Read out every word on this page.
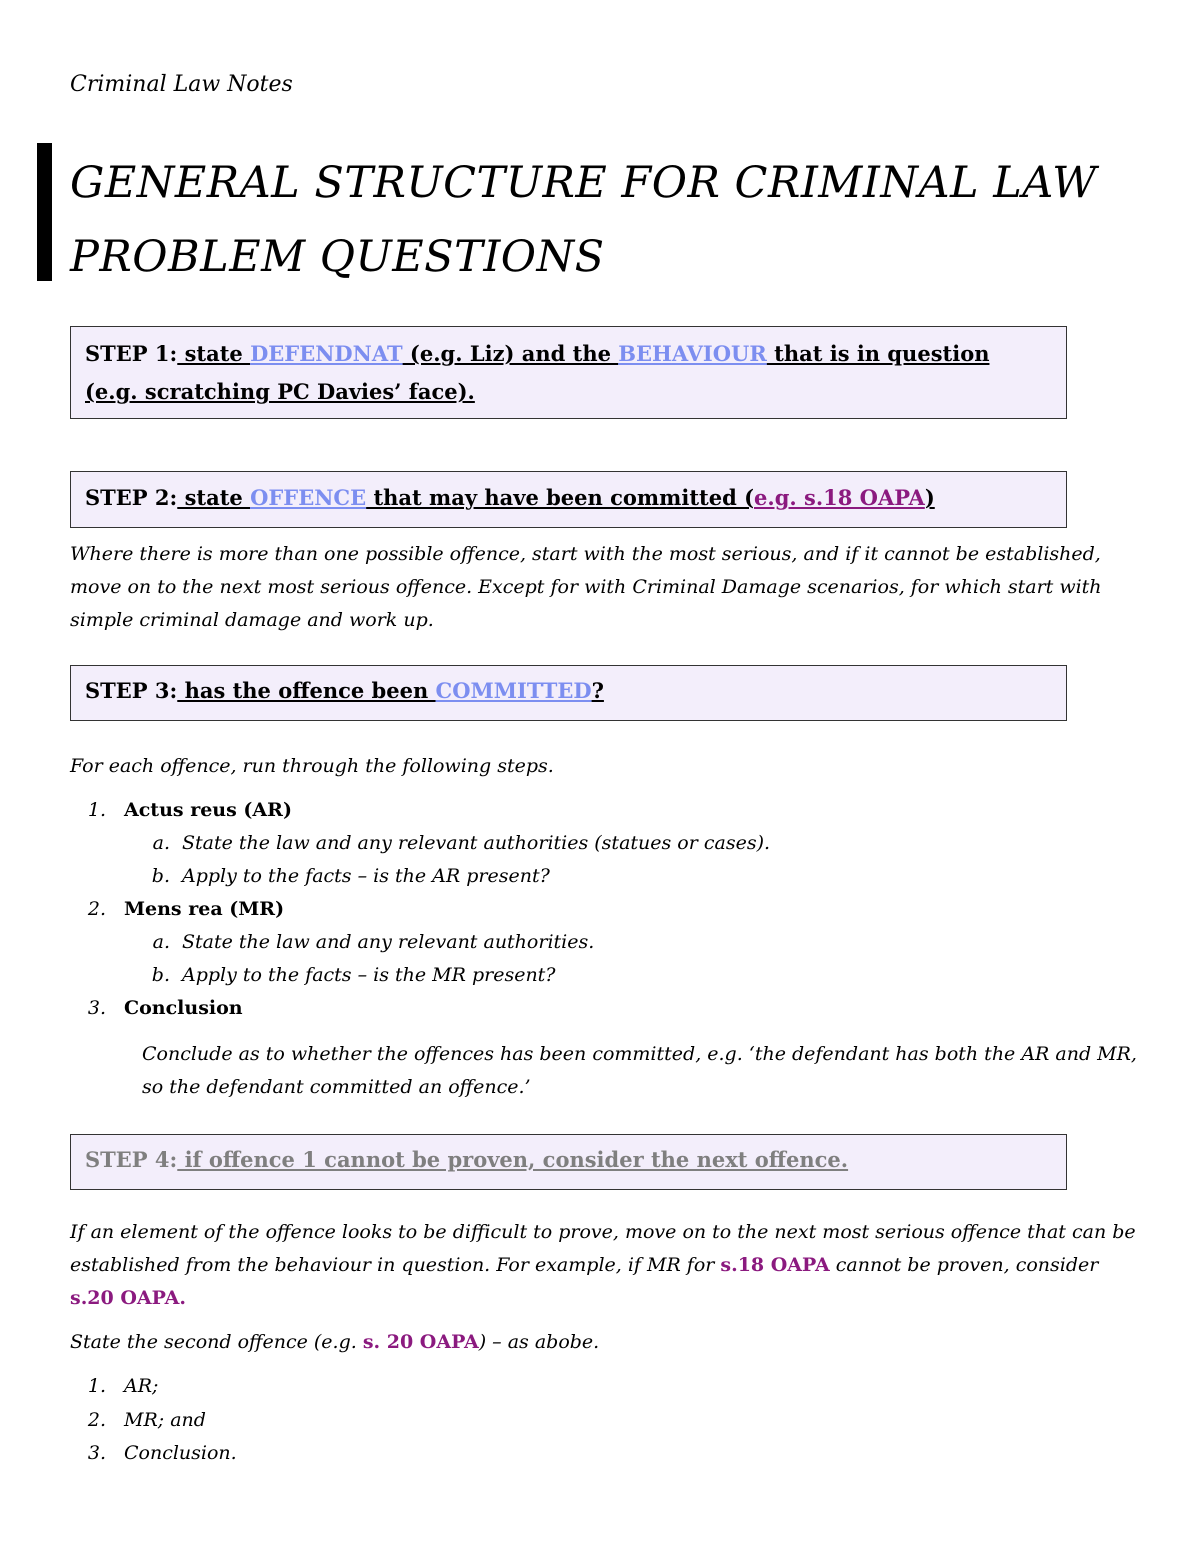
Criminal Law Notes
GENERAL STRUCTURE FOR CRIMINAL LAW
PROBLEM QUESTIONS
STEP 1: state DEFENDNAT (e.g. Liz) and the BEHAVIOUR that is in question
(e.g. scratching PC Davies’ face).
STEP 2: state OFFENCE that may have been committed (e.g. s.18 OAPA)
Where there is more than one possible offence, start with the most serious, and if it cannot be established, move on to the next most serious offence. Except for with Criminal Damage scenarios, for which start with simple criminal damage and work up.
STEP 3: has the offence been COMMITTED?
For each offence, run through the following steps.
1. Actus reus (AR)
a. State the law and any relevant authorities (statues or cases).
b. Apply to the facts – is the AR present?
2. Mens rea (MR)
a. State the law and any relevant authorities.
b. Apply to the facts – is the MR present?
3. Conclusion
Conclude as to whether the offences has been committed, e.g. ‘the defendant has both the AR and MR,
so the defendant committed an offence.’
STEP 4: if offence 1 cannot be proven, consider the next offence.
If an element of the offence looks to be difficult to prove, move on to the next most serious offence that can be established from the behaviour in question. For example, if MR for s.18 OAPA cannot be proven, consider s.20 OAPA.
State the second offence (e.g. s. 20 OAPA) – as abobe.
1. AR;
2. MR; and
3. Conclusion.
